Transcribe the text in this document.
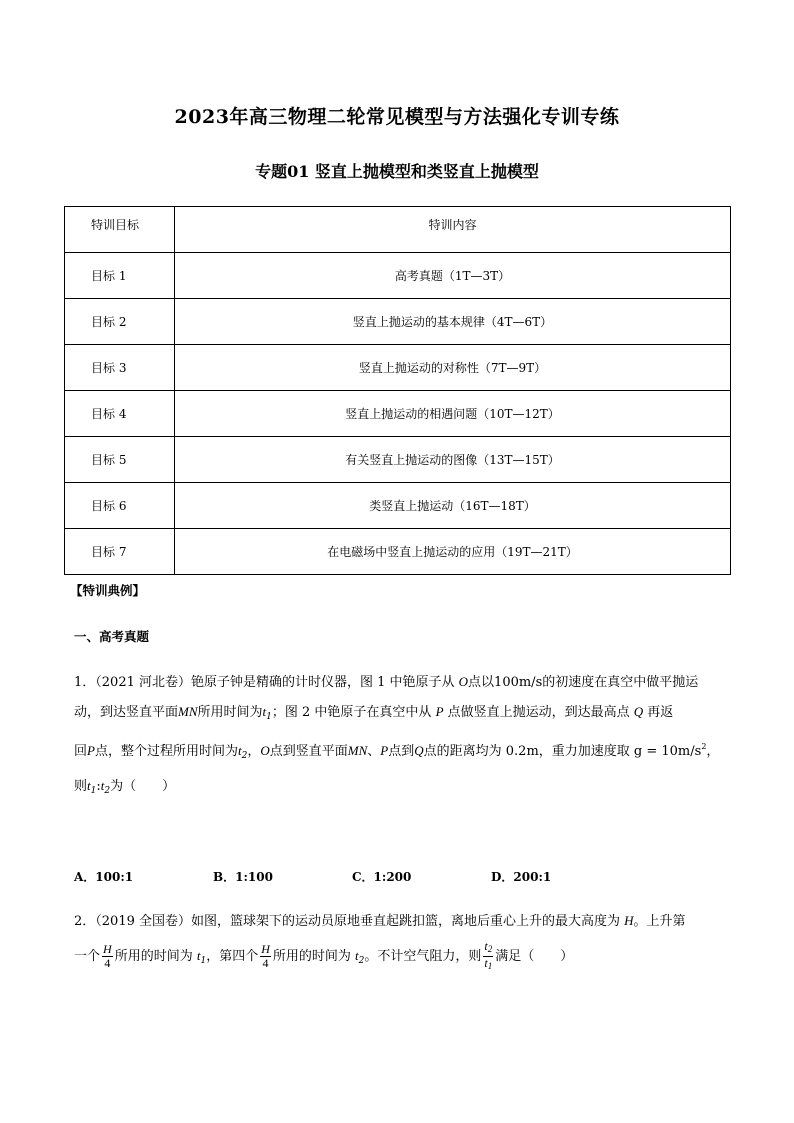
2023年高三物理二轮常见模型与方法强化专训专练
专题01 竖直上抛模型和类竖直上抛模型
特训目标	特训内容
目标 1	高考真题（1T—3T）
目标 2	竖直上抛运动的基本规律（4T—6T）
目标 3	竖直上抛运动的对称性（7T—9T）
目标 4	竖直上抛运动的相遇问题（10T—12T）
目标 5	有关竖直上抛运动的图像（13T—15T）
目标 6	类竖直上抛运动（16T—18T）
目标 7	在电磁场中竖直上抛运动的应用（19T—21T）
【特训典例】
一、高考真题
1．（2021 河北卷）铯原子钟是精确的计时仪器，图 1 中铯原子从 O点以100m/s的初速度在真空中做平抛运
动，到达竖直平面MN所用时间为$t_1$；图 2 中铯原子在真空中从 P 点做竖直上抛运动，到达最高点 Q 再返
回P点，整个过程所用时间为$t_2$，O点到竖直平面MN、P点到Q点的距离均为 0.2m，重力加速度取 $g = 10m/s^2$，
则$t_1:t_2$为（　　）
A．100:1	B．1:100	C．1:200	D．200:1
2．（2019 全国卷）如图，篮球架下的运动员原地垂直起跳扣篮，离地后重心上升的最大高度为 H。上升第
一个 $\frac{H}{4}$ 所用的时间为 $t_1$，第四个 $\frac{H}{4}$ 所用的时间为 $t_2$。不计空气阻力，则 $\frac{t_2}{t_1}$ 满足（　　）
